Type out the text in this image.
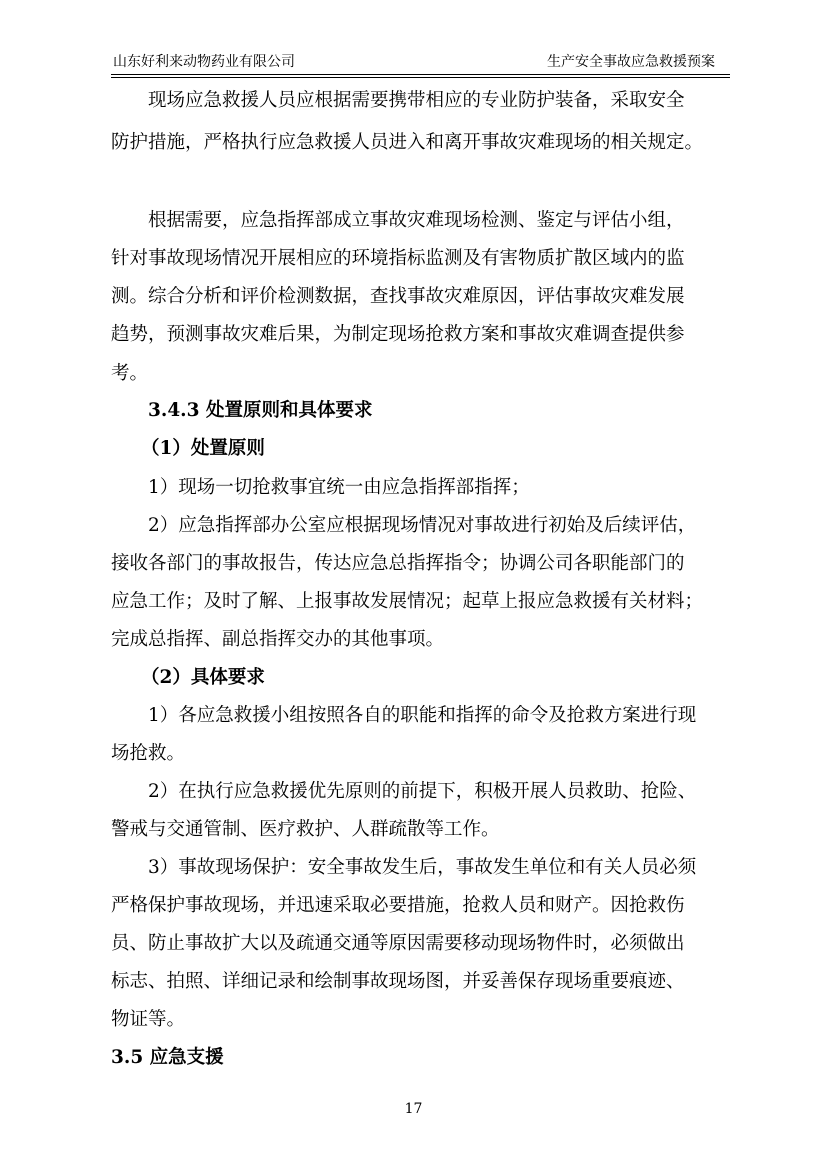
山东好利来动物药业有限公司	生产安全事故应急救援预案
现场应急救援人员应根据需要携带相应的专业防护装备，采取安全
防护措施，严格执行应急救援人员进入和离开事故灾难现场的相关规定。
根据需要，应急指挥部成立事故灾难现场检测、鉴定与评估小组，
针对事故现场情况开展相应的环境指标监测及有害物质扩散区域内的监
测。综合分析和评价检测数据，查找事故灾难原因，评估事故灾难发展
趋势，预测事故灾难后果，为制定现场抢救方案和事故灾难调查提供参
考。
3.4.3 处置原则和具体要求
（1）处置原则
1）现场一切抢救事宜统一由应急指挥部指挥；
2）应急指挥部办公室应根据现场情况对事故进行初始及后续评估，
接收各部门的事故报告，传达应急总指挥指令；协调公司各职能部门的
应急工作；及时了解、上报事故发展情况；起草上报应急救援有关材料；
完成总指挥、副总指挥交办的其他事项。
（2）具体要求
1）各应急救援小组按照各自的职能和指挥的命令及抢救方案进行现
场抢救。
2）在执行应急救援优先原则的前提下，积极开展人员救助、抢险、
警戒与交通管制、医疗救护、人群疏散等工作。
3）事故现场保护：安全事故发生后，事故发生单位和有关人员必须
严格保护事故现场，并迅速采取必要措施，抢救人员和财产。因抢救伤
员、防止事故扩大以及疏通交通等原因需要移动现场物件时，必须做出
标志、拍照、详细记录和绘制事故现场图，并妥善保存现场重要痕迹、
物证等。
3.5 应急支援
17
